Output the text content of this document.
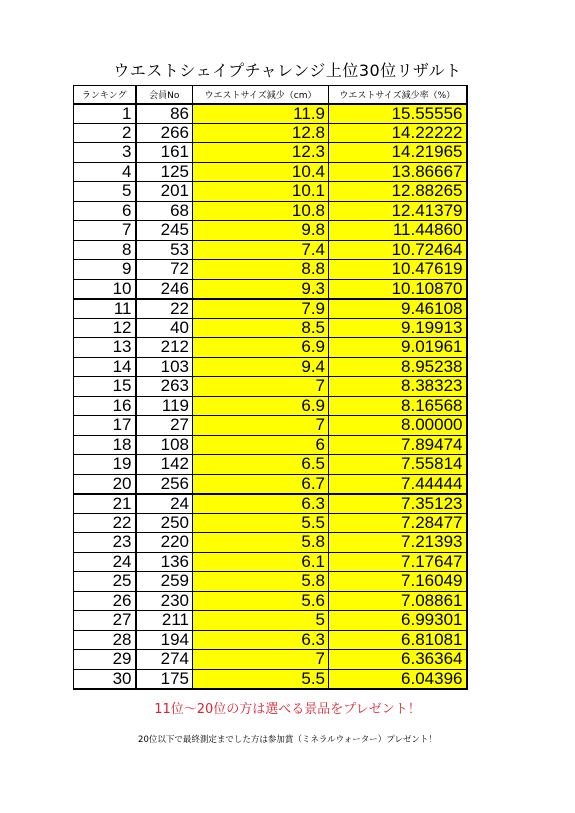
ウエストシェイプチャレンジ上位30位リザルト
ランキング	会員No	ウエストサイズ減少（cm）	ウエストサイズ減少率（%）
1	86	11.9	15.55556
2	266	12.8	14.22222
3	161	12.3	14.21965
4	125	10.4	13.86667
5	201	10.1	12.88265
6	68	10.8	12.41379
7	245	9.8	11.44860
8	53	7.4	10.72464
9	72	8.8	10.47619
10	246	9.3	10.10870
11	22	7.9	9.46108
12	40	8.5	9.19913
13	212	6.9	9.01961
14	103	9.4	8.95238
15	263	7	8.38323
16	119	6.9	8.16568
17	27	7	8.00000
18	108	6	7.89474
19	142	6.5	7.55814
20	256	6.7	7.44444
21	24	6.3	7.35123
22	250	5.5	7.28477
23	220	5.8	7.21393
24	136	6.1	7.17647
25	259	5.8	7.16049
26	230	5.6	7.08861
27	211	5	6.99301
28	194	6.3	6.81081
29	274	7	6.36364
30	175	5.5	6.04396
11位〜20位の方は選べる景品をプレゼント！
20位以下で最終測定までした方は参加賞（ミネラルウォーター）プレゼント！
